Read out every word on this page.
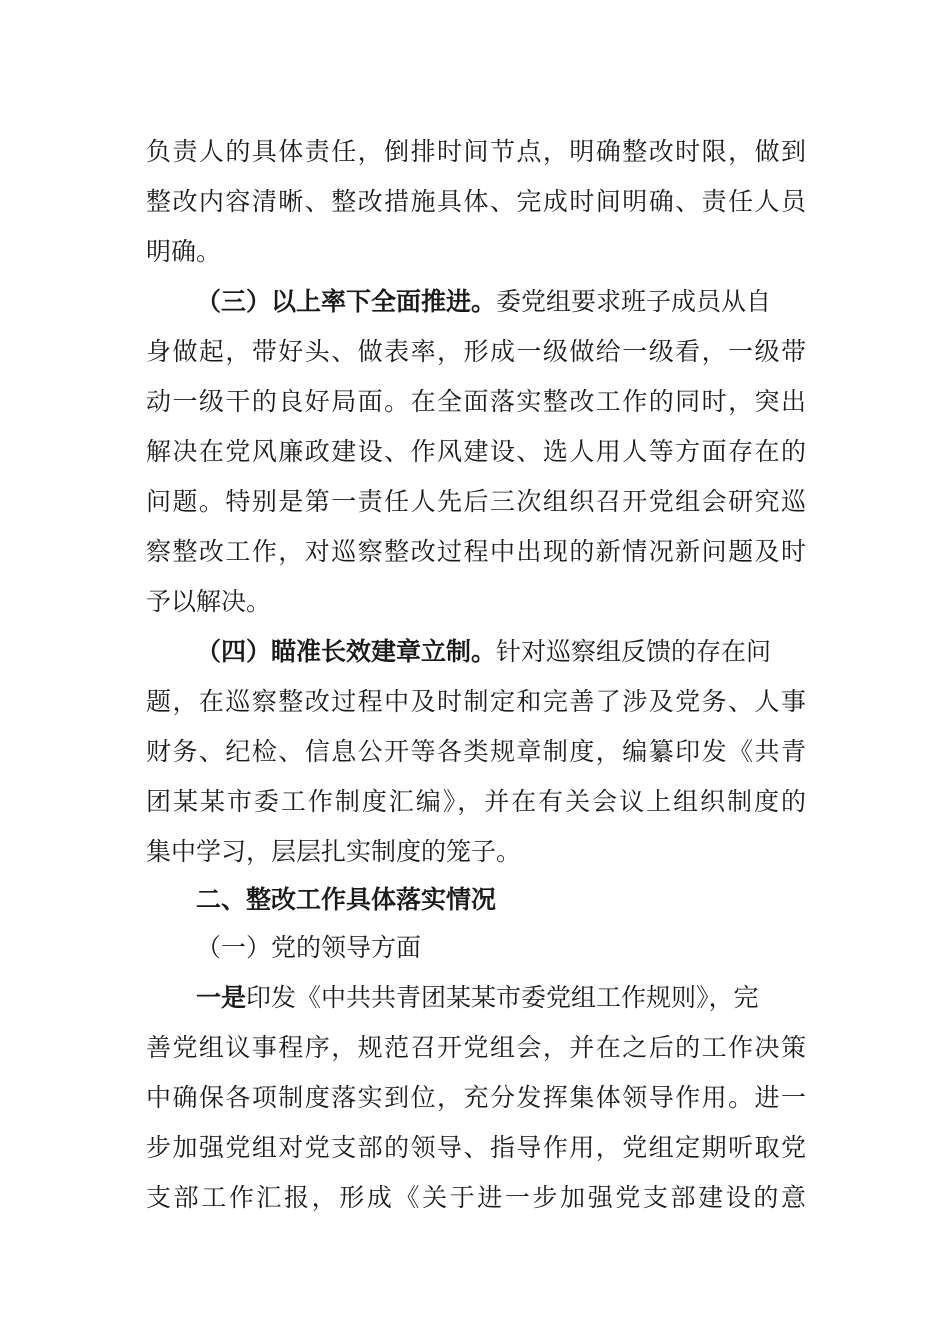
负责人的具体责任，倒排时间节点，明确整改时限，做到
整改内容清晰、整改措施具体、完成时间明确、责任人员
明确。
（三）以上率下全面推进。委党组要求班子成员从自
身做起，带好头、做表率，形成一级做给一级看，一级带
动一级干的良好局面。在全面落实整改工作的同时，突出
解决在党风廉政建设、作风建设、选人用人等方面存在的
问题。特别是第一责任人先后三次组织召开党组会研究巡
察整改工作，对巡察整改过程中出现的新情况新问题及时
予以解决。
（四）瞄准长效建章立制。针对巡察组反馈的存在问
题，在巡察整改过程中及时制定和完善了涉及党务、人事
财务、纪检、信息公开等各类规章制度，编纂印发《共青
团某某市委工作制度汇编》，并在有关会议上组织制度的
集中学习，层层扎实制度的笼子。
二、整改工作具体落实情况
（一）党的领导方面
一是印发《中共共青团某某市委党组工作规则》，完
善党组议事程序，规范召开党组会，并在之后的工作决策
中确保各项制度落实到位，充分发挥集体领导作用。进一
步加强党组对党支部的领导、指导作用，党组定期听取党
支部工作汇报，形成《关于进一步加强党支部建设的意
